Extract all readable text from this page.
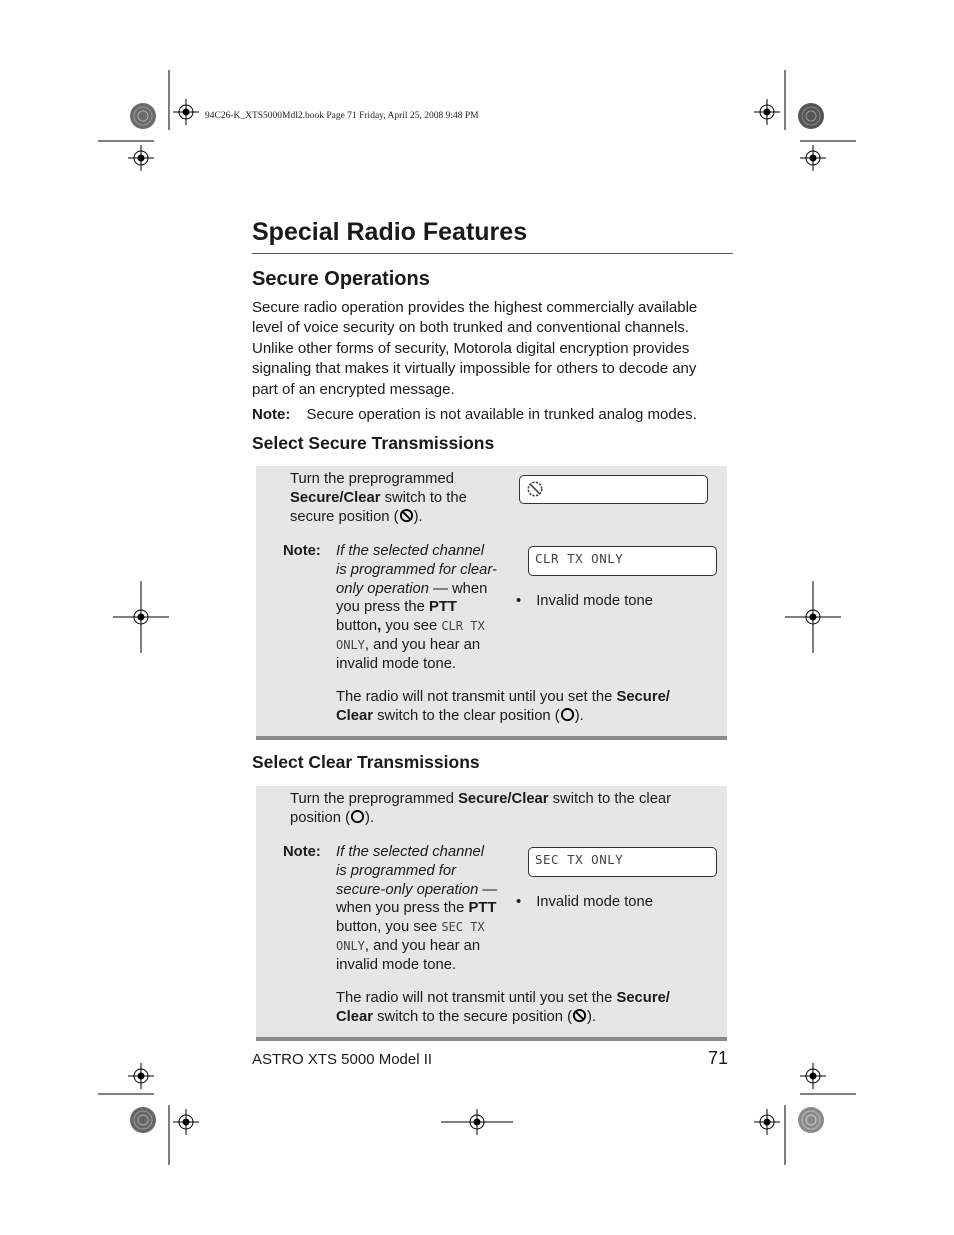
94C26-K_XTS5000Mdl2.book Page 71 Friday, April 25, 2008 9:48 PM
Special Radio Features
Secure Operations
Secure radio operation provides the highest commercially available
level of voice security on both trunked and conventional channels.
Unlike other forms of security, Motorola digital encryption provides
signaling that makes it virtually impossible for others to decode any
part of an encrypted message.
Note: Secure operation is not available in trunked analog modes.
Select Secure Transmissions
Turn the preprogrammed
Secure/Clear switch to the
secure position ( ).
Note: If the selected channel
is programmed for clear-
only operation — when
you press the PTT
button, you see CLR TX
ONLY, and you hear an
invalid mode tone.
CLR TX ONLY
• Invalid mode tone
The radio will not transmit until you set the Secure/
Clear switch to the clear position ( ).
Select Clear Transmissions
Turn the preprogrammed Secure/Clear switch to the clear
position ( ).
Note: If the selected channel
is programmed for
secure-only operation —
when you press the PTT
button, you see SEC TX
ONLY, and you hear an
invalid mode tone.
SEC TX ONLY
• Invalid mode tone
The radio will not transmit until you set the Secure/
Clear switch to the secure position ( ).
ASTRO XTS 5000 Model II	71
